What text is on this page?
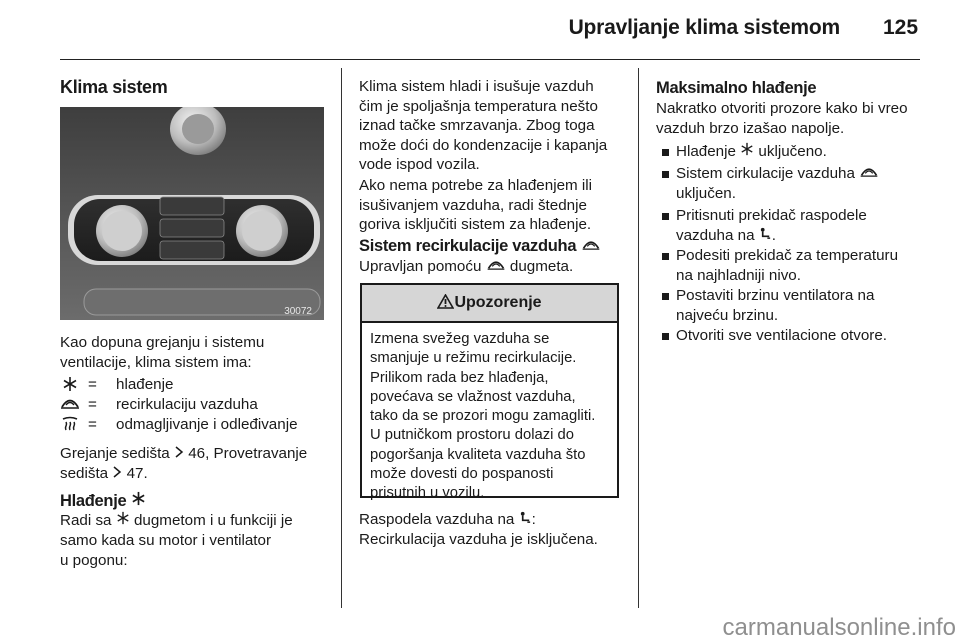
Upravljanje klima sistemom 125
Klima sistem
30072
Kao dopuna grejanju i sistemu
ventilacije, klima sistem ima:
= hlađenje
= recirkulaciju vazduha
= odmagljivanje i odleđivanje
Grejanje sedišta 46, Provetravanje
sedišta 47.
Hlađenje
Radi sa dugmetom i u funkciji je
samo kada su motor i ventilator
u pogonu:
Klima sistem hladi i isušuje vazduh
čim je spoljašnja temperatura nešto
iznad tačke smrzavanja. Zbog toga
može doći do kondenzacije i kapanja
vode ispod vozila.
Ako nema potrebe za hlađenjem ili
isušivanjem vazduha, radi štednje
goriva isključiti sistem za hlađenje.
Sistem recirkulacije vazduha
Upravljan pomoću dugmeta.
Upozorenje
Izmena svežeg vazduha se
smanjuje u režimu recirkulacije.
Prilikom rada bez hlađenja,
povećava se vlažnost vazduha,
tako da se prozori mogu zamagliti.
U putničkom prostoru dolazi do
pogoršanja kvaliteta vazduha što
može dovesti do pospanosti
prisutnih u vozilu.
Raspodela vazduha na :
Recirkulacija vazduha je isključena.
Maksimalno hlađenje
Nakratko otvoriti prozore kako bi vreo
vazduh brzo izašao napolje.
Hlađenje uključeno.
Sistem cirkulacije vazduha
uključen.
Pritisnuti prekidač raspodele
vazduha na .
Podesiti prekidač za temperaturu
na najhladniji nivo.
Postaviti brzinu ventilatora na
najveću brzinu.
Otvoriti sve ventilacione otvore.
carmanualsonline.info
